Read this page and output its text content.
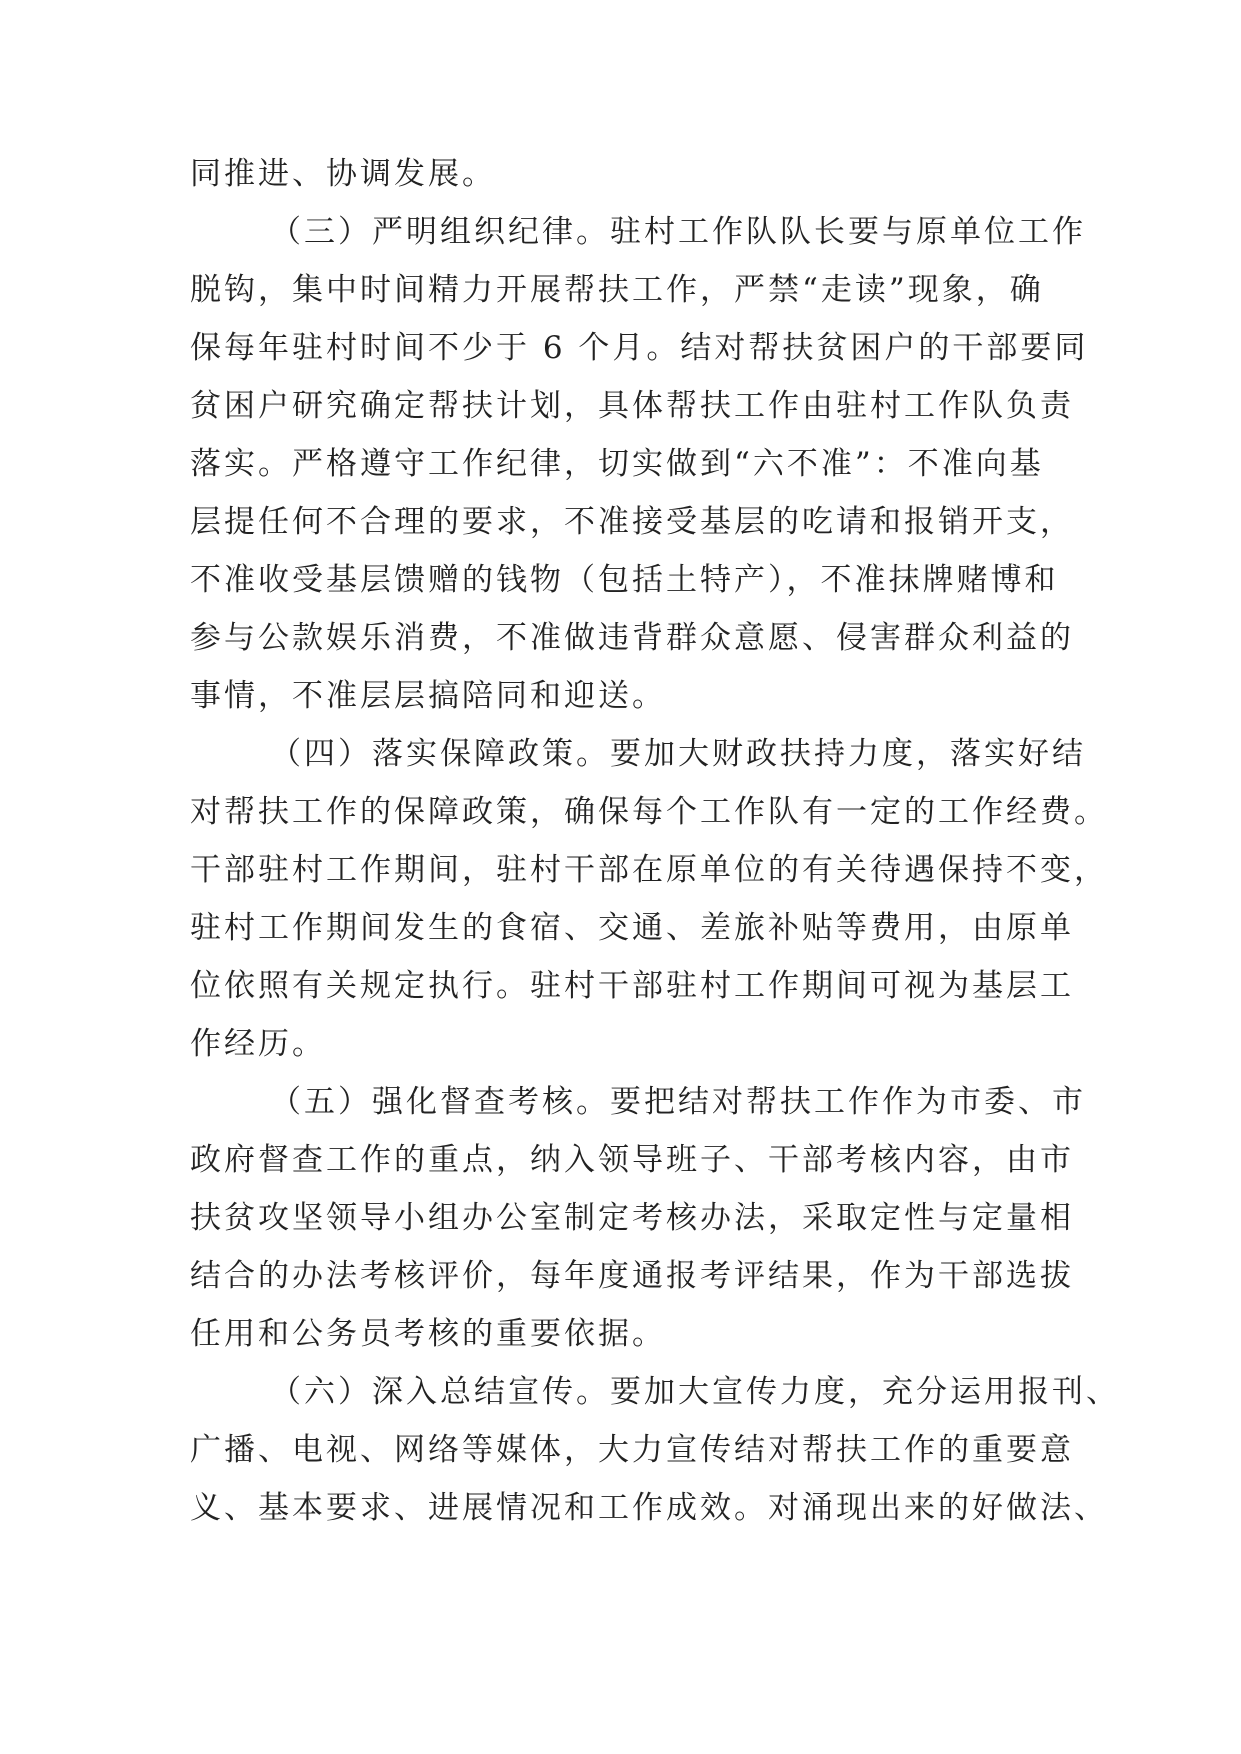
同推进、协调发展。
（三）严明组织纪律。驻村工作队队长要与原单位工作
脱钩，集中时间精力开展帮扶工作，严禁“走读”现象，确
保每年驻村时间不少于 6 个月。结对帮扶贫困户的干部要同
贫困户研究确定帮扶计划，具体帮扶工作由驻村工作队负责
落实。严格遵守工作纪律，切实做到“六不准”：不准向基
层提任何不合理的要求，不准接受基层的吃请和报销开支，
不准收受基层馈赠的钱物（包括土特产），不准抹牌赌博和
参与公款娱乐消费，不准做违背群众意愿、侵害群众利益的
事情，不准层层搞陪同和迎送。
（四）落实保障政策。要加大财政扶持力度，落实好结
对帮扶工作的保障政策，确保每个工作队有一定的工作经费。
干部驻村工作期间，驻村干部在原单位的有关待遇保持不变，
驻村工作期间发生的食宿、交通、差旅补贴等费用，由原单
位依照有关规定执行。驻村干部驻村工作期间可视为基层工
作经历。
（五）强化督查考核。要把结对帮扶工作作为市委、市
政府督查工作的重点，纳入领导班子、干部考核内容，由市
扶贫攻坚领导小组办公室制定考核办法，采取定性与定量相
结合的办法考核评价，每年度通报考评结果，作为干部选拔
任用和公务员考核的重要依据。
（六）深入总结宣传。要加大宣传力度，充分运用报刊、
广播、电视、网络等媒体，大力宣传结对帮扶工作的重要意
义、基本要求、进展情况和工作成效。对涌现出来的好做法、
